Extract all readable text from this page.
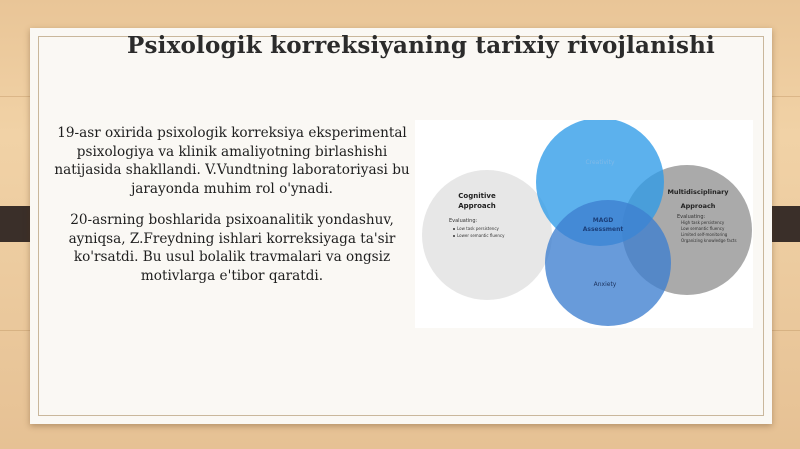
Psixologik korreksiyaning tarixiy rivojlanishi
19-asr oxirida psixologik korreksiya eksperimental psixologiya va klinik amaliyotning birlashishi natijasida shakllandi. V.Vundtning laboratoriyasi bu jarayonda muhim rol o'ynadi.
20-asrning boshlarida psixoanalitik yondashuv, ayniqsa, Z.Freydning ishlari korreksiyaga ta'sir ko'rsatdi. Bu usul bolalik travmalari va ongsiz motivlarga e'tibor qaratdi.
Cognitive
Approach
Evaluating:
Low task persistency
Lower semantic fluency
Multidisciplinary
Approach
Evaluating:
High task persistency
Low semantic fluency
Limited self-monitoring
Organizing knowledge facts
Creativity
MAGD
Assessment
Anxiety
